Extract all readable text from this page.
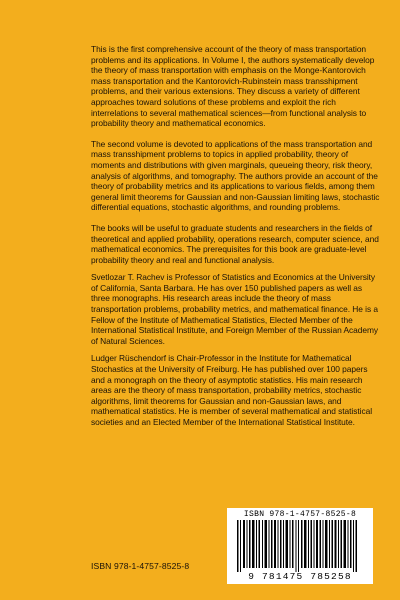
This is the first comprehensive account of the theory of mass transportation problems and its applications. In Volume I, the authors systematically develop the theory of mass transportation with emphasis on the Monge-Kantorovich mass transportation and the Kantorovich-Rubinstein mass transshipment problems, and their various extensions. They discuss a variety of different approaches toward solutions of these problems and exploit the rich interrelations to several mathematical sciences—from functional analysis to probability theory and mathematical economics.

The second volume is devoted to applications of the mass transportation and mass transshipment problems to topics in applied probability, theory of moments and distributions with given marginals, queueing theory, risk theory, analysis of algorithms, and tomography. The authors provide an account of the theory of probability metrics and its applications to various fields, among them general limit theorems for Gaussian and non-Gaussian limiting laws, stochastic differential equations, stochastic algorithms, and rounding problems.

The books will be useful to graduate students and researchers in the fields of theoretical and applied probability, operations research, computer science, and mathematical economics. The prerequisites for this book are graduate-level probability theory and real and functional analysis.

Svetlozar T. Rachev is Professor of Statistics and Economics at the University of California, Santa Barbara. He has over 150 published papers as well as three monographs. His research areas include the theory of mass transportation problems, probability metrics, and mathematical finance. He is a Fellow of the Institute of Mathematical Statistics, Elected Member of the International Statistical Institute, and Foreign Member of the Russian Academy of Natural Sciences.

Ludger Rüschendorf is Chair-Professor in the Institute for Mathematical Stochastics at the University of Freiburg. He has published over 100 papers and a monograph on the theory of asymptotic statistics. His main research areas are the theory of mass transportation, probability metrics, stochastic algorithms, limit theorems for Gaussian and non-Gaussian laws, and mathematical statistics. He is member of several mathematical and statistical societies and an Elected Member of the International Statistical Institute.

ISBN 978-1-4757-8525-8
ISBN 978-1-4757-8525-8
9 781475 785258
